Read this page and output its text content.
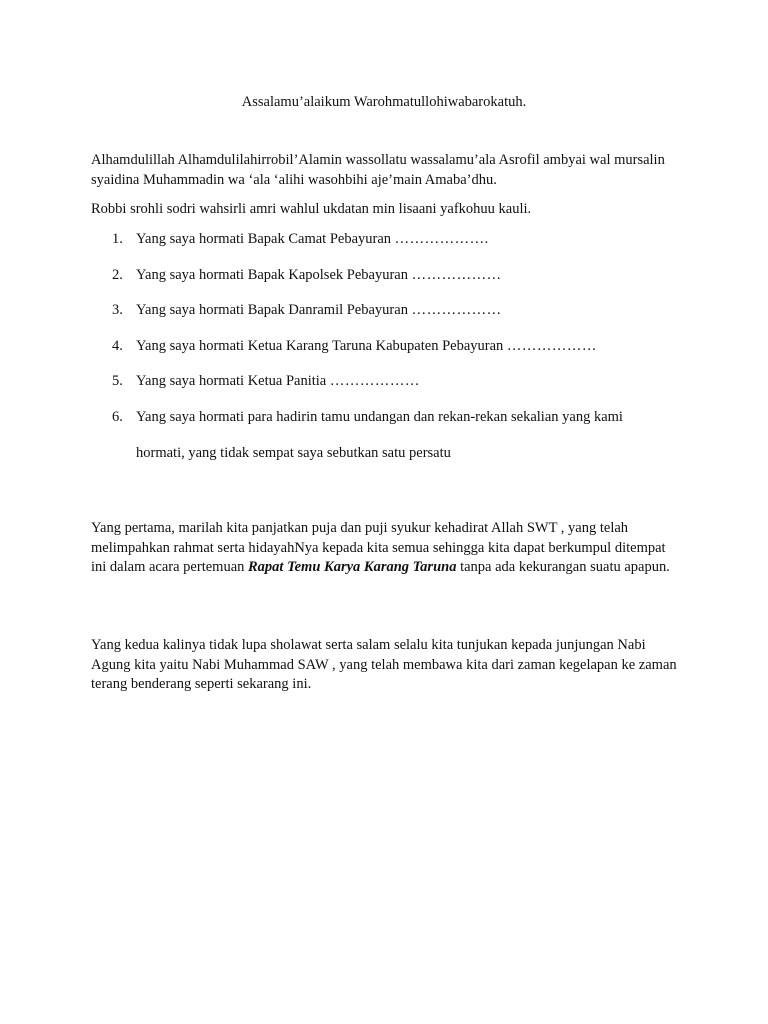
Assalamu’alaikum Warohmatullohiwabarokatuh.

Alhamdulillah Alhamdulilahirrobil’Alamin wassollatu wassalamu’ala Asrofil ambyai wal mursalin syaidina Muhammadin wa ‘ala ‘alihi wasohbihi aje’main Amaba’dhu.

Robbi srohli sodri wahsirli amri wahlul ukdatan min lisaani yafkohuu kauli.

1. Yang saya hormati Bapak Camat Pebayuran ……………….
2. Yang saya hormati Bapak Kapolsek Pebayuran ………………
3. Yang saya hormati Bapak Danramil Pebayuran ………………
4. Yang saya hormati Ketua Karang Taruna Kabupaten Pebayuran ………………
5. Yang saya hormati Ketua Panitia ………………
6. Yang saya hormati para hadirin tamu undangan dan rekan-rekan sekalian yang kami
hormati, yang tidak sempat saya sebutkan satu persatu

Yang pertama, marilah kita panjatkan puja dan puji syukur kehadirat Allah SWT , yang telah melimpahkan rahmat serta hidayahNya kepada kita semua sehingga kita dapat berkumpul ditempat ini dalam acara pertemuan Rapat Temu Karya Karang Taruna tanpa ada kekurangan suatu apapun.

Yang kedua kalinya tidak lupa sholawat serta salam selalu kita tunjukan kepada junjungan Nabi Agung kita yaitu Nabi Muhammad SAW , yang telah membawa kita dari zaman kegelapan ke zaman terang benderang seperti sekarang ini.
